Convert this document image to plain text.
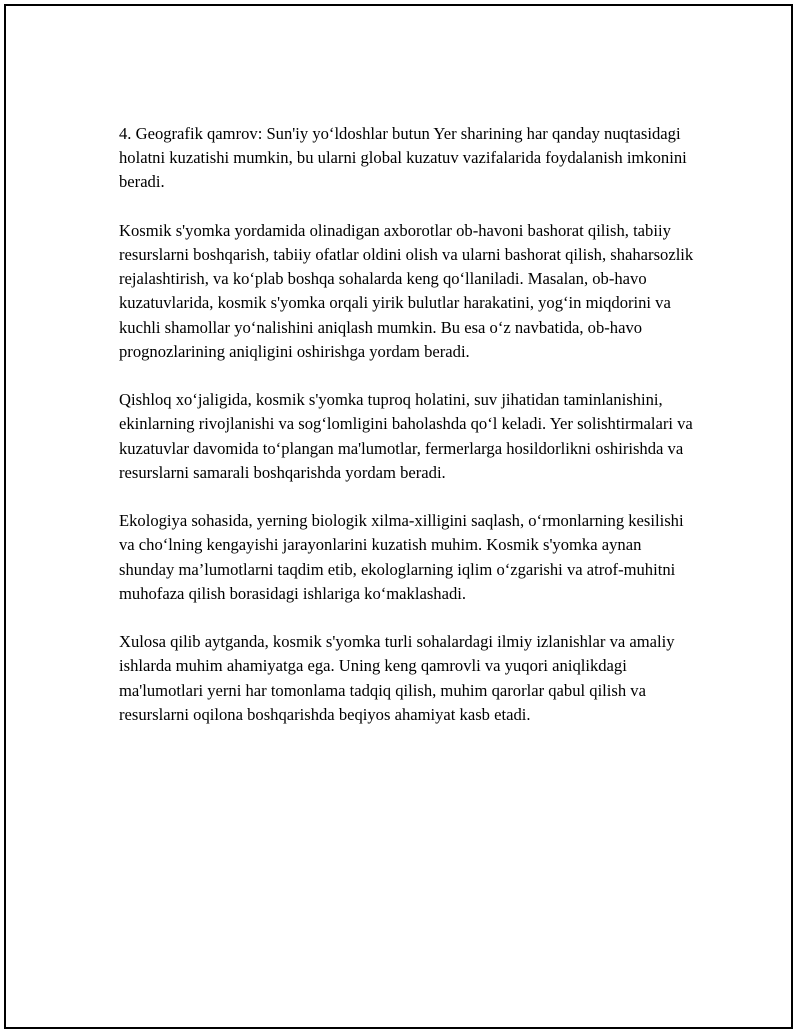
4. Geografik qamrov: Sun'iy yo‘ldoshlar butun Yer sharining har qanday nuqtasidagi holatni kuzatishi mumkin, bu ularni global kuzatuv vazifalarida foydalanish imkonini beradi.

Kosmik s'yomka yordamida olinadigan axborotlar ob-havoni bashorat qilish, tabiiy resurslarni boshqarish, tabiiy ofatlar oldini olish va ularni bashorat qilish, shaharsozlik rejalashtirish, va ko‘plab boshqa sohalarda keng qo‘llaniladi. Masalan, ob-havo kuzatuvlarida, kosmik s'yomka orqali yirik bulutlar harakatini, yog‘in miqdorini va kuchli shamollar yo‘nalishini aniqlash mumkin. Bu esa o‘z navbatida, ob-havo prognozlarining aniqligini oshirishga yordam beradi.

Qishloq xo‘jaligida, kosmik s'yomka tuproq holatini, suv jihatidan taminlanishini, ekinlarning rivojlanishi va sog‘lomligini baholashda qo‘l keladi. Yer solishtirmalari va kuzatuvlar davomida to‘plangan ma'lumotlar, fermerlarga hosildorlikni oshirishda va resurslarni samarali boshqarishda yordam beradi.

Ekologiya sohasida, yerning biologik xilma-xilligini saqlash, o‘rmonlarning kesilishi va cho‘lning kengayishi jarayonlarini kuzatish muhim. Kosmik s'yomka aynan shunday ma’lumotlarni taqdim etib, ekologlarning iqlim o‘zgarishi va atrof-muhitni muhofaza qilish borasidagi ishlariga ko‘maklashadi.

Xulosa qilib aytganda, kosmik s'yomka turli sohalardagi ilmiy izlanishlar va amaliy ishlarda muhim ahamiyatga ega. Uning keng qamrovli va yuqori aniqlikdagi ma'lumotlari yerni har tomonlama tadqiq qilish, muhim qarorlar qabul qilish va resurslarni oqilona boshqarishda beqiyos ahamiyat kasb etadi.
